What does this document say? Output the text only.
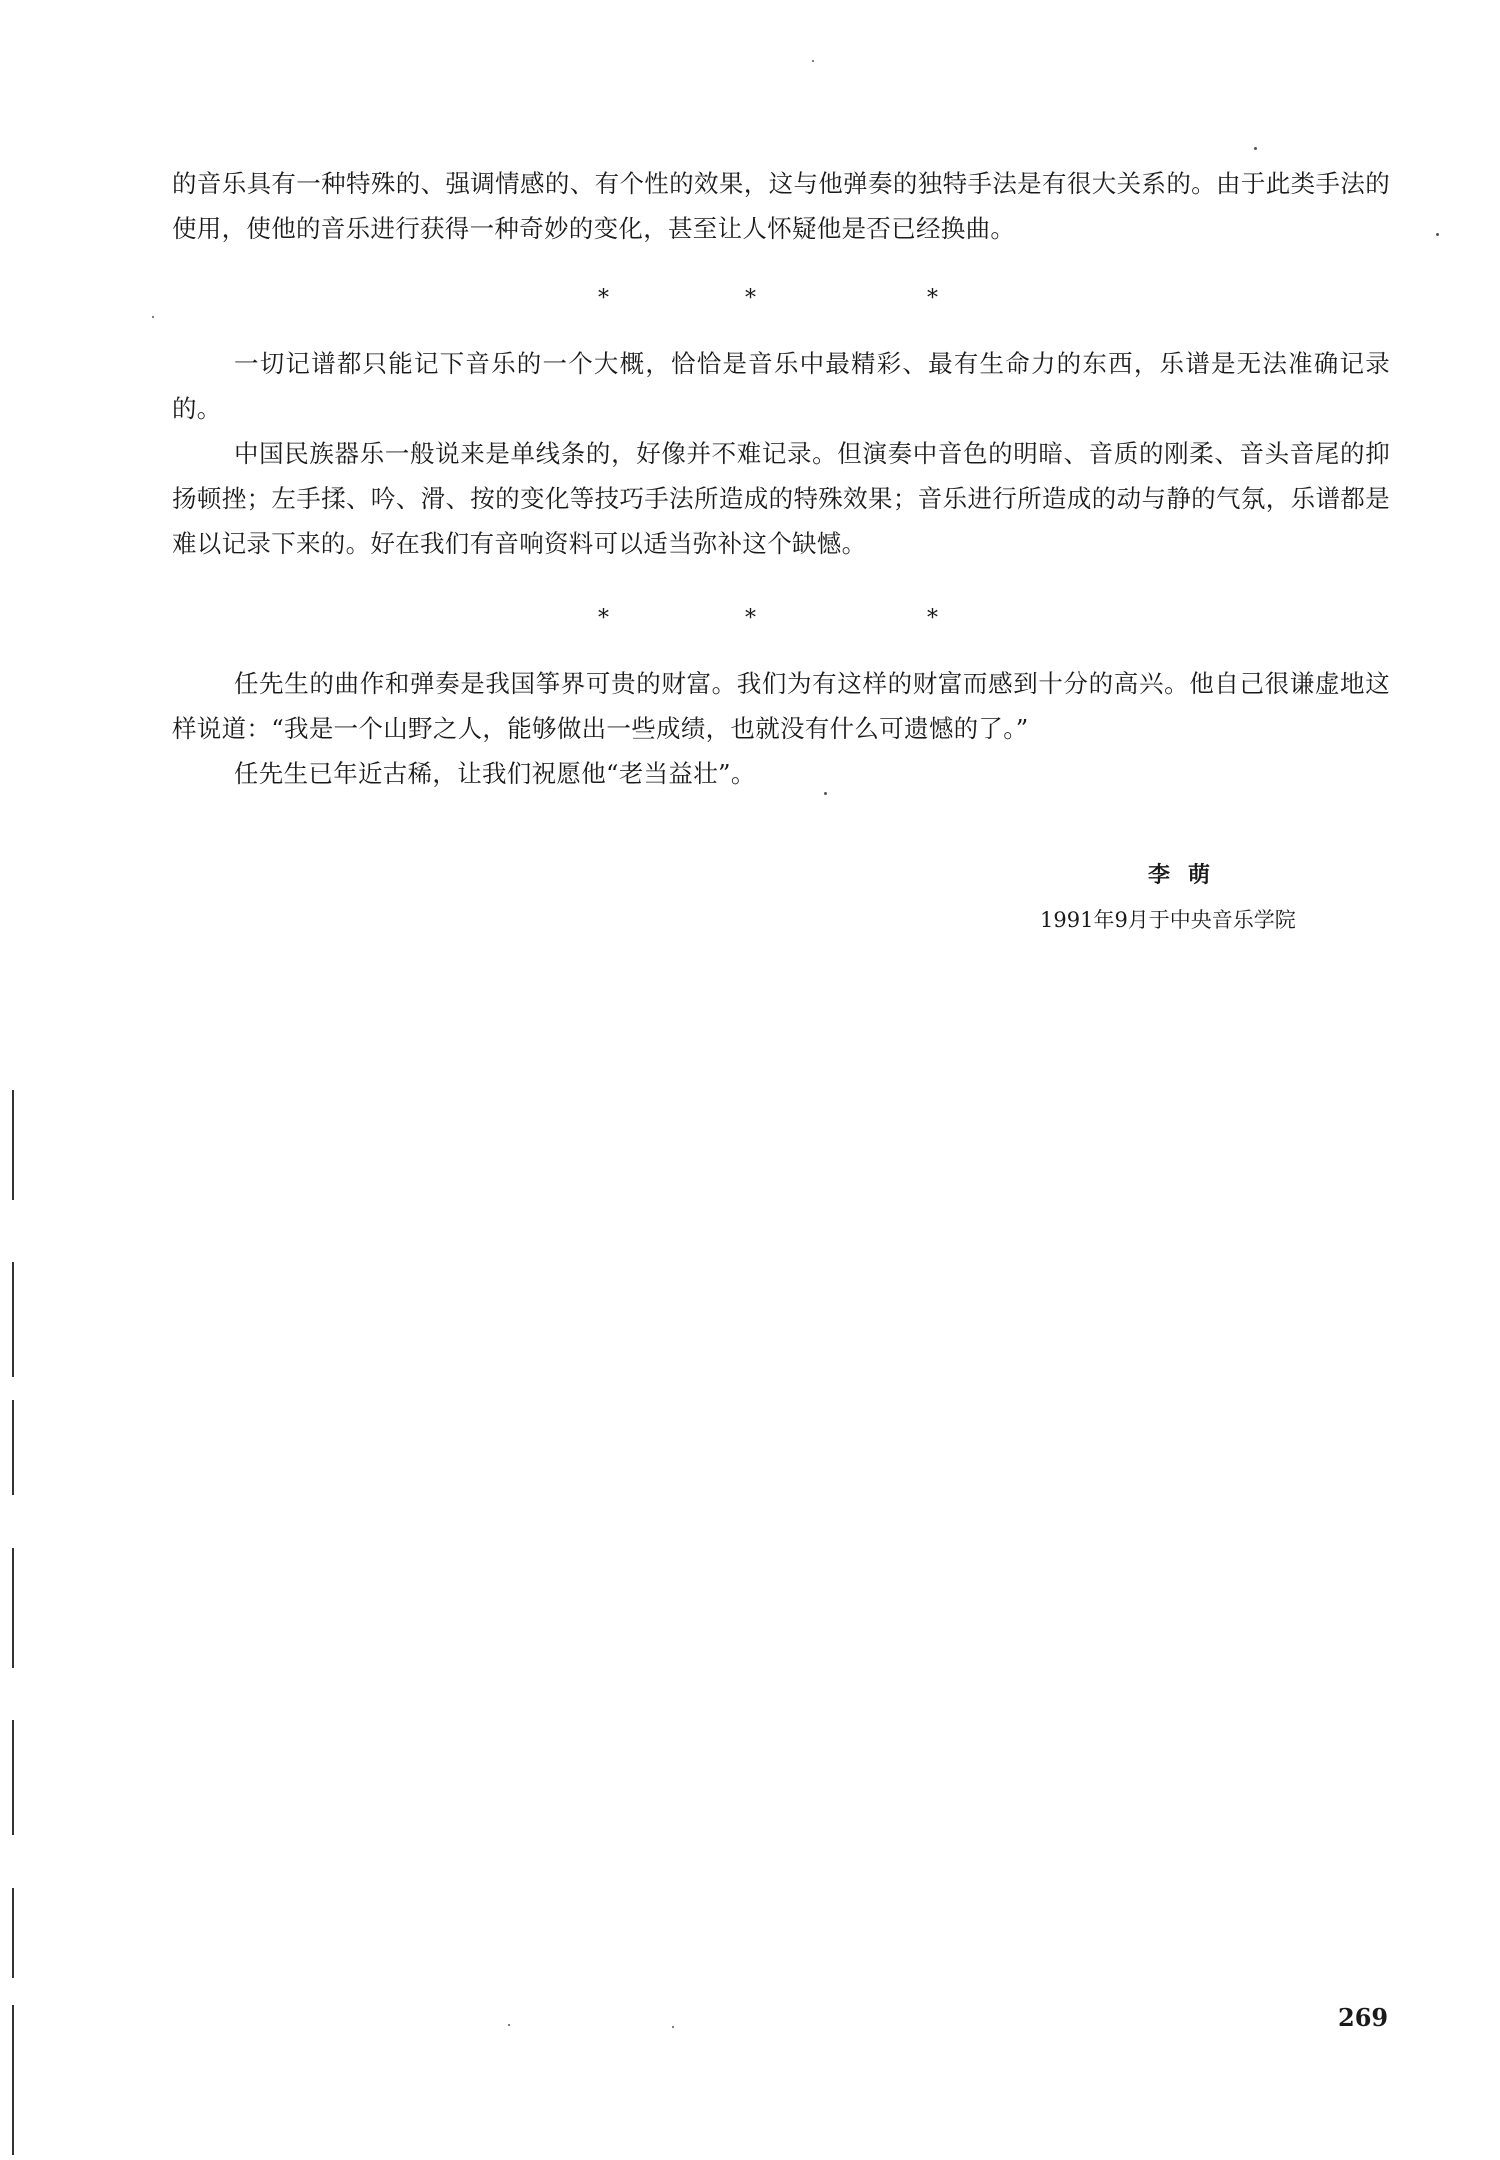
的音乐具有一种特殊的、强调情感的、有个性的效果，这与他弹奏的独特手法是有很大关系的。由于此类手法的使用，使他的音乐进行获得一种奇妙的变化，甚至让人怀疑他是否已经换曲。

*	*	*

一切记谱都只能记下音乐的一个大概，恰恰是音乐中最精彩、最有生命力的东西，乐谱是无法准确记录的。

中国民族器乐一般说来是单线条的，好像并不难记录。但演奏中音色的明暗、音质的刚柔、音头音尾的抑扬顿挫；左手揉、吟、滑、按的变化等技巧手法所造成的特殊效果；音乐进行所造成的动与静的气氛，乐谱都是难以记录下来的。好在我们有音响资料可以适当弥补这个缺憾。

*	*	*

任先生的曲作和弹奏是我国筝界可贵的财富。我们为有这样的财富而感到十分的高兴。他自己很谦虚地这样说道：“我是一个山野之人，能够做出一些成绩，也就没有什么可遗憾的了。”

任先生已年近古稀，让我们祝愿他“老当益壮”。

李萌
1991年9月于中央音乐学院
269
